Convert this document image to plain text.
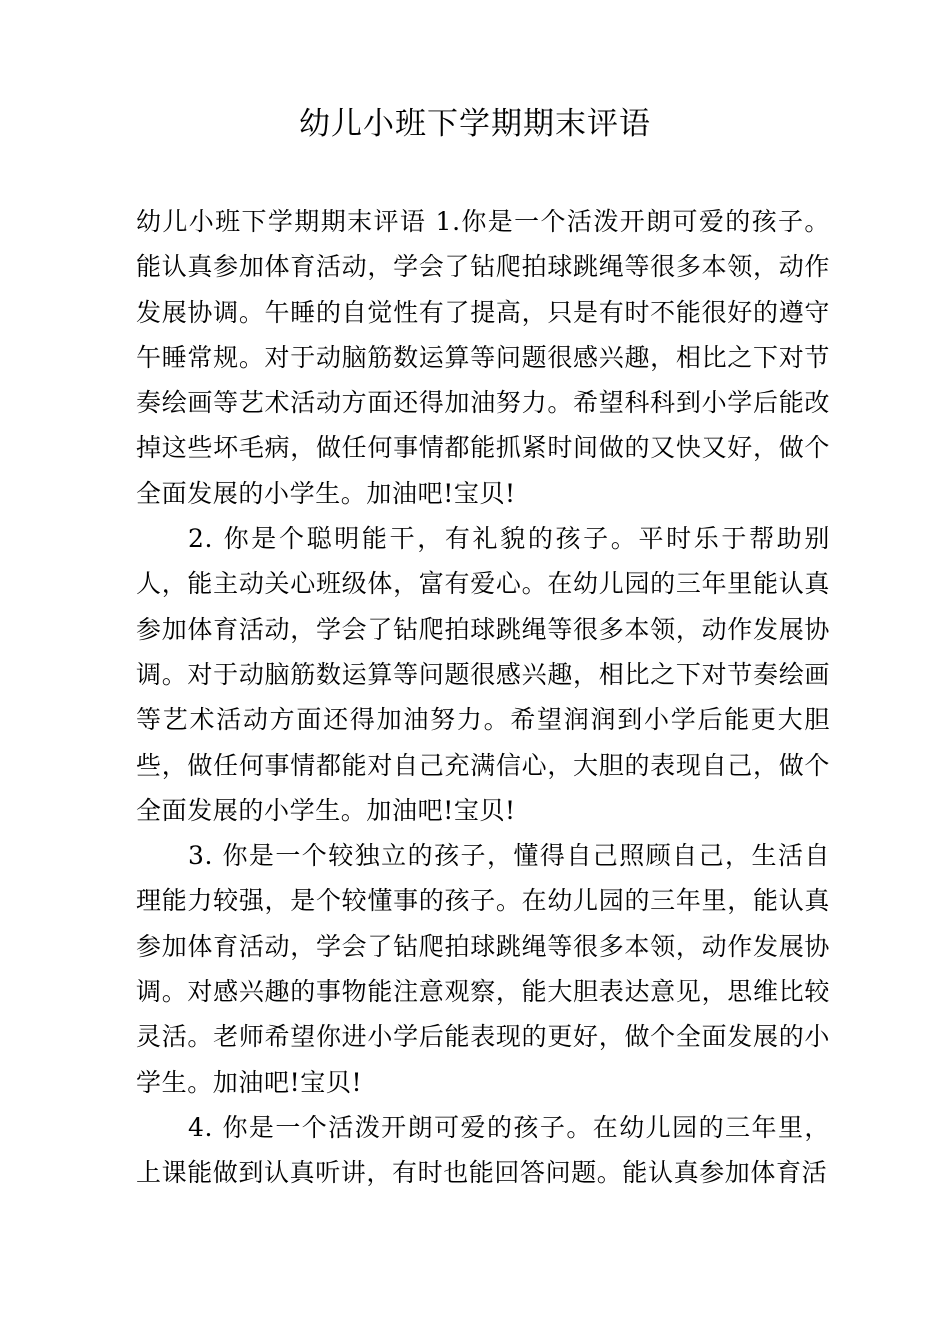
幼儿小班下学期期末评语

幼儿小班下学期期末评语 1.你是一个活泼开朗可爱的孩子。能认真参加体育活动，学会了钻爬拍球跳绳等很多本领，动作发展协调。午睡的自觉性有了提高，只是有时不能很好的遵守午睡常规。对于动脑筋数运算等问题很感兴趣，相比之下对节奏绘画等艺术活动方面还得加油努力。希望科科到小学后能改掉这些坏毛病，做任何事情都能抓紧时间做的又快又好，做个全面发展的小学生。加油吧!宝贝!

2. 你是个聪明能干，有礼貌的孩子。平时乐于帮助别人，能主动关心班级体，富有爱心。在幼儿园的三年里能认真参加体育活动，学会了钻爬拍球跳绳等很多本领，动作发展协调。对于动脑筋数运算等问题很感兴趣，相比之下对节奏绘画等艺术活动方面还得加油努力。希望润润到小学后能更大胆些，做任何事情都能对自己充满信心，大胆的表现自己，做个全面发展的小学生。加油吧!宝贝!

3. 你是一个较独立的孩子，懂得自己照顾自己，生活自理能力较强，是个较懂事的孩子。在幼儿园的三年里，能认真参加体育活动，学会了钻爬拍球跳绳等很多本领，动作发展协调。对感兴趣的事物能注意观察，能大胆表达意见，思维比较灵活。老师希望你进小学后能表现的更好，做个全面发展的小学生。加油吧!宝贝!

4. 你是一个活泼开朗可爱的孩子。在幼儿园的三年里，上课能做到认真听讲，有时也能回答问题。能认真参加体育活
